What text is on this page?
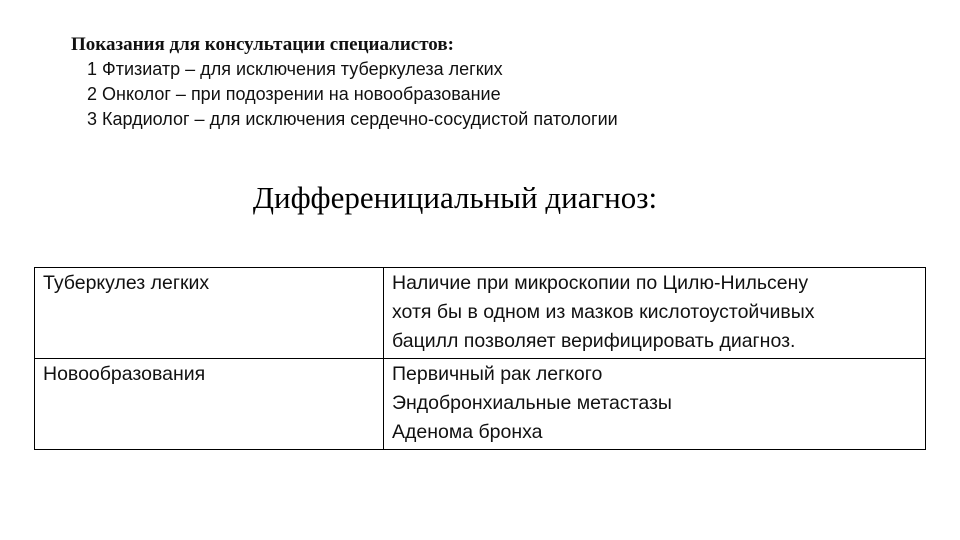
Показания для консультации специалистов:
1 Фтизиатр – для исключения туберкулеза легких
2 Онколог – при подозрении на новообразование
3 Кардиолог – для исключения сердечно-сосудистой патологии
Дифференициальный диагноз:
Туберкулез легких	Наличие при микроскопии по Цилю-Нильсену
хотя бы в одном из мазков кислотоустойчивых
бацилл позволяет верифицировать диагноз.

Новообразования	Первичный рак легкого
Эндобронхиальные метастазы
Аденома бронха
